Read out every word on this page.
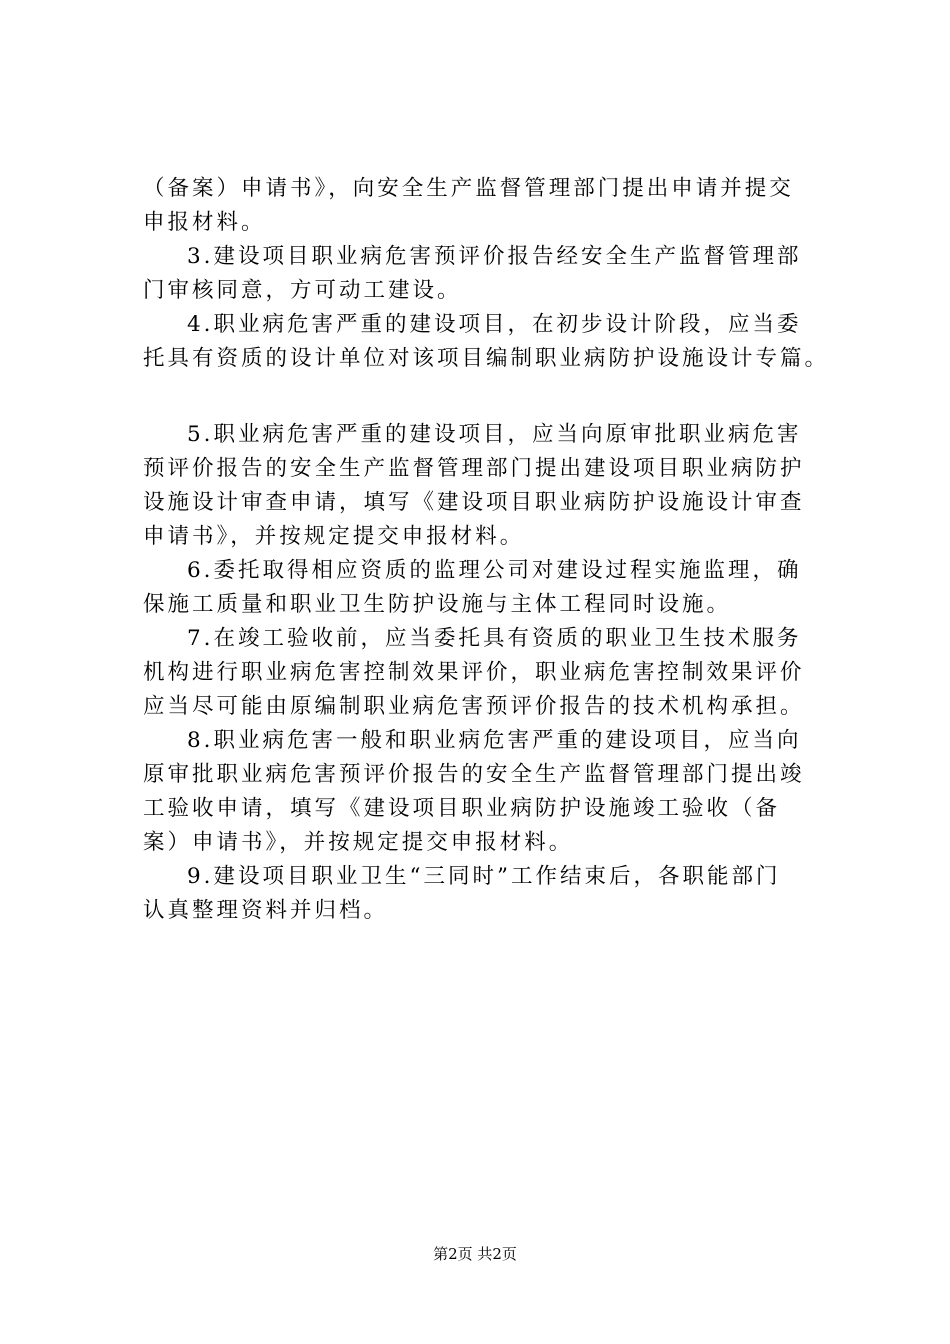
（备案）申请书》，向安全生产监督管理部门提出申请并提交
申报材料。
3.建设项目职业病危害预评价报告经安全生产监督管理部
门审核同意，方可动工建设。
4.职业病危害严重的建设项目，在初步设计阶段，应当委
托具有资质的设计单位对该项目编制职业病防护设施设计专篇。
5.职业病危害严重的建设项目，应当向原审批职业病危害
预评价报告的安全生产监督管理部门提出建设项目职业病防护
设施设计审查申请，填写《建设项目职业病防护设施设计审查
申请书》，并按规定提交申报材料。
6.委托取得相应资质的监理公司对建设过程实施监理，确
保施工质量和职业卫生防护设施与主体工程同时设施。
7.在竣工验收前，应当委托具有资质的职业卫生技术服务
机构进行职业病危害控制效果评价，职业病危害控制效果评价
应当尽可能由原编制职业病危害预评价报告的技术机构承担。
8.职业病危害一般和职业病危害严重的建设项目，应当向
原审批职业病危害预评价报告的安全生产监督管理部门提出竣
工验收申请，填写《建设项目职业病防护设施竣工验收（备
案）申请书》，并按规定提交申报材料。
9.建设项目职业卫生“三同时”工作结束后，各职能部门
认真整理资料并归档。
第2页 共2页
